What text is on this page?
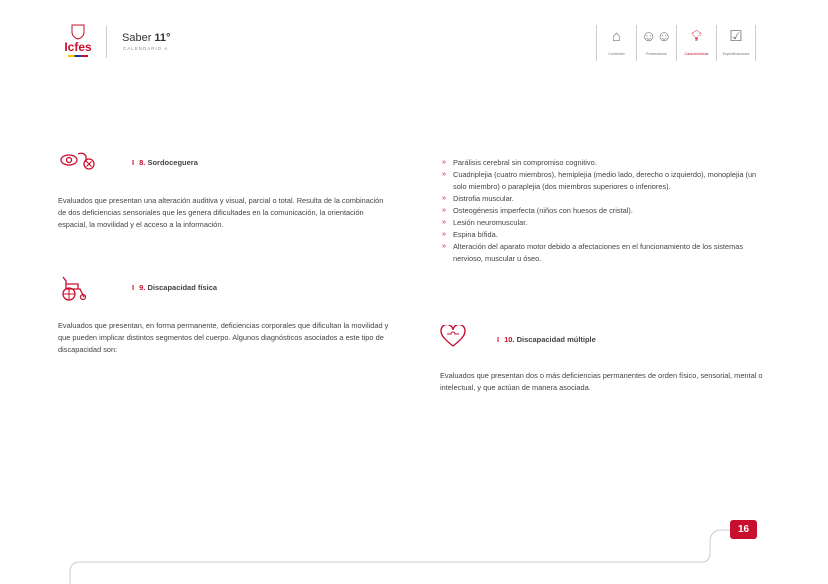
Icfes
Saber 11°
CALENDARIO A
⌂
Contenido
☺☺
Presentación
💡︎
Características
☑
Especificaciones
I 8. Sordoceguera
Evaluados que presentan una alteración auditiva y visual, parcial o total. Resulta de la combinación de dos deficiencias sensoriales que les genera dificultades en la comunicación, la orientación espacial, la movilidad y el acceso a la información.
I 9. Discapacidad física
Evaluados que presentan, en forma permanente, deficiencias corporales que dificultan la movilidad y que pueden implicar distintos segmentos del cuerpo. Algunos diagnósticos asociados a este tipo de discapacidad son:
» Parálisis cerebral sin compromiso cognitivo.
» Cuadriplejia (cuatro miembros), hemiplejia (medio lado, derecho o izquierdo), monoplejia (un solo miembro) o paraplejia (dos miembros superiores o inferiores).
» Distrofia muscular.
» Osteogénesis imperfecta (niños con huesos de cristal).
» Lesión neuromuscular.
» Espina bífida.
» Alteración del aparato motor debido a afectaciones en el funcionamiento de los sistemas nervioso, muscular u óseo.
I 10. Discapacidad múltiple
Evaluados que presentan dos o más deficiencias permanentes de orden físico, sensorial, mental o intelectual, y que actúan de manera asociada.
16
